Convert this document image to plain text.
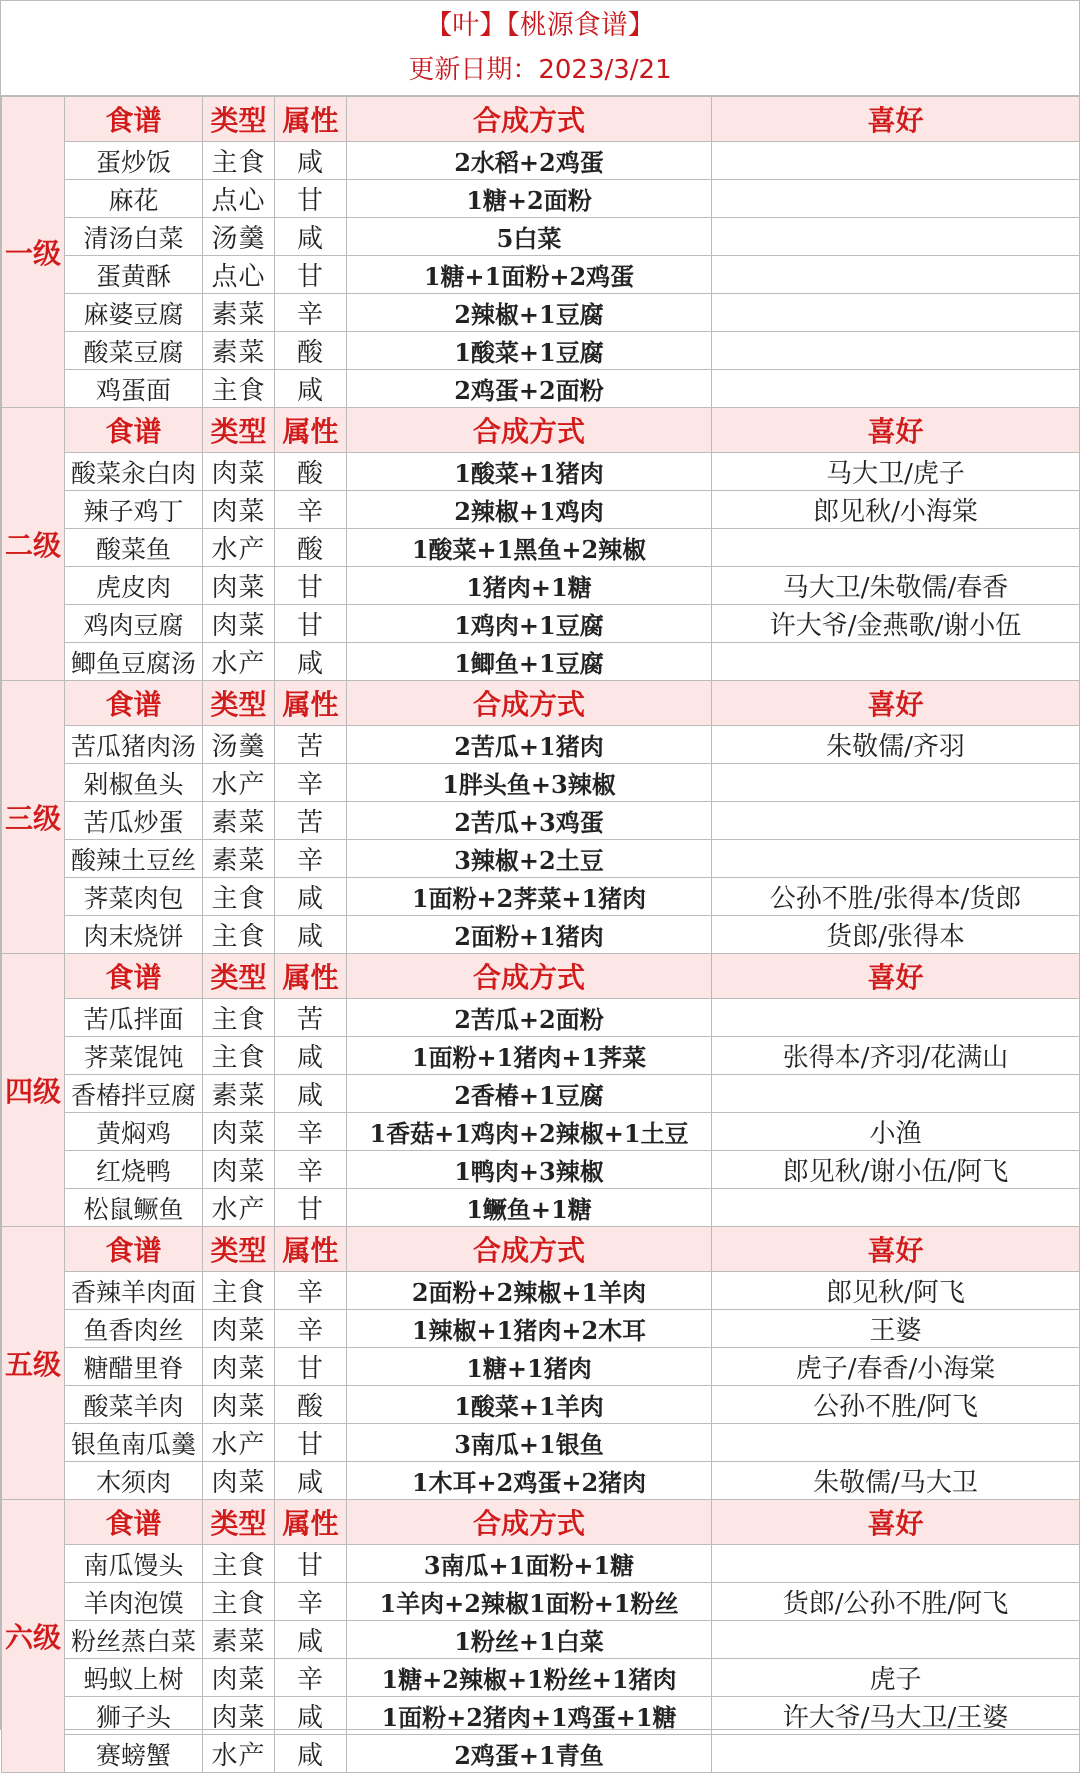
【叶】【桃源食谱】
更新日期：2023/3/21
一级	食谱	类型	属性	合成方式	喜好
	蛋炒饭	主食	咸	2水稻+2鸡蛋	
	麻花	点心	甘	1糖+2面粉	
	清汤白菜	汤羹	咸	5白菜	
	蛋黄酥	点心	甘	1糖+1面粉+2鸡蛋	
	麻婆豆腐	素菜	辛	2辣椒+1豆腐	
	酸菜豆腐	素菜	酸	1酸菜+1豆腐	
	鸡蛋面	主食	咸	2鸡蛋+2面粉	
二级	食谱	类型	属性	合成方式	喜好
	酸菜汆白肉	肉菜	酸	1酸菜+1猪肉	马大卫/虎子
	辣子鸡丁	肉菜	辛	2辣椒+1鸡肉	郎见秋/小海棠
	酸菜鱼	水产	酸	1酸菜+1黑鱼+2辣椒	
	虎皮肉	肉菜	甘	1猪肉+1糖	马大卫/朱敬儒/春香
	鸡肉豆腐	肉菜	甘	1鸡肉+1豆腐	许大爷/金燕歌/谢小伍
	鲫鱼豆腐汤	水产	咸	1鲫鱼+1豆腐	
三级	食谱	类型	属性	合成方式	喜好
	苦瓜猪肉汤	汤羹	苦	2苦瓜+1猪肉	朱敬儒/齐羽
	剁椒鱼头	水产	辛	1胖头鱼+3辣椒	
	苦瓜炒蛋	素菜	苦	2苦瓜+3鸡蛋	
	酸辣土豆丝	素菜	辛	3辣椒+2土豆	
	荠菜肉包	主食	咸	1面粉+2荠菜+1猪肉	公孙不胜/张得本/货郎
	肉末烧饼	主食	咸	2面粉+1猪肉	货郎/张得本
四级	食谱	类型	属性	合成方式	喜好
	苦瓜拌面	主食	苦	2苦瓜+2面粉	
	荠菜馄饨	主食	咸	1面粉+1猪肉+1荠菜	张得本/齐羽/花满山
	香椿拌豆腐	素菜	咸	2香椿+1豆腐	
	黄焖鸡	肉菜	辛	1香菇+1鸡肉+2辣椒+1土豆	小渔
	红烧鸭	肉菜	辛	1鸭肉+3辣椒	郎见秋/谢小伍/阿飞
	松鼠鳜鱼	水产	甘	1鳜鱼+1糖	
五级	食谱	类型	属性	合成方式	喜好
	香辣羊肉面	主食	辛	2面粉+2辣椒+1羊肉	郎见秋/阿飞
	鱼香肉丝	肉菜	辛	1辣椒+1猪肉+2木耳	王婆
	糖醋里脊	肉菜	甘	1糖+1猪肉	虎子/春香/小海棠
	酸菜羊肉	肉菜	酸	1酸菜+1羊肉	公孙不胜/阿飞
	银鱼南瓜羹	水产	甘	3南瓜+1银鱼	
	木须肉	肉菜	咸	1木耳+2鸡蛋+2猪肉	朱敬儒/马大卫
六级	食谱	类型	属性	合成方式	喜好
	南瓜馒头	主食	甘	3南瓜+1面粉+1糖	
	羊肉泡馍	主食	辛	1羊肉+2辣椒1面粉+1粉丝	货郎/公孙不胜/阿飞
	粉丝蒸白菜	素菜	咸	1粉丝+1白菜	
	蚂蚁上树	肉菜	辛	1糖+2辣椒+1粉丝+1猪肉	虎子
	狮子头	肉菜	咸	1面粉+2猪肉+1鸡蛋+1糖	许大爷/马大卫/王婆
	赛螃蟹	水产	咸	2鸡蛋+1青鱼	
